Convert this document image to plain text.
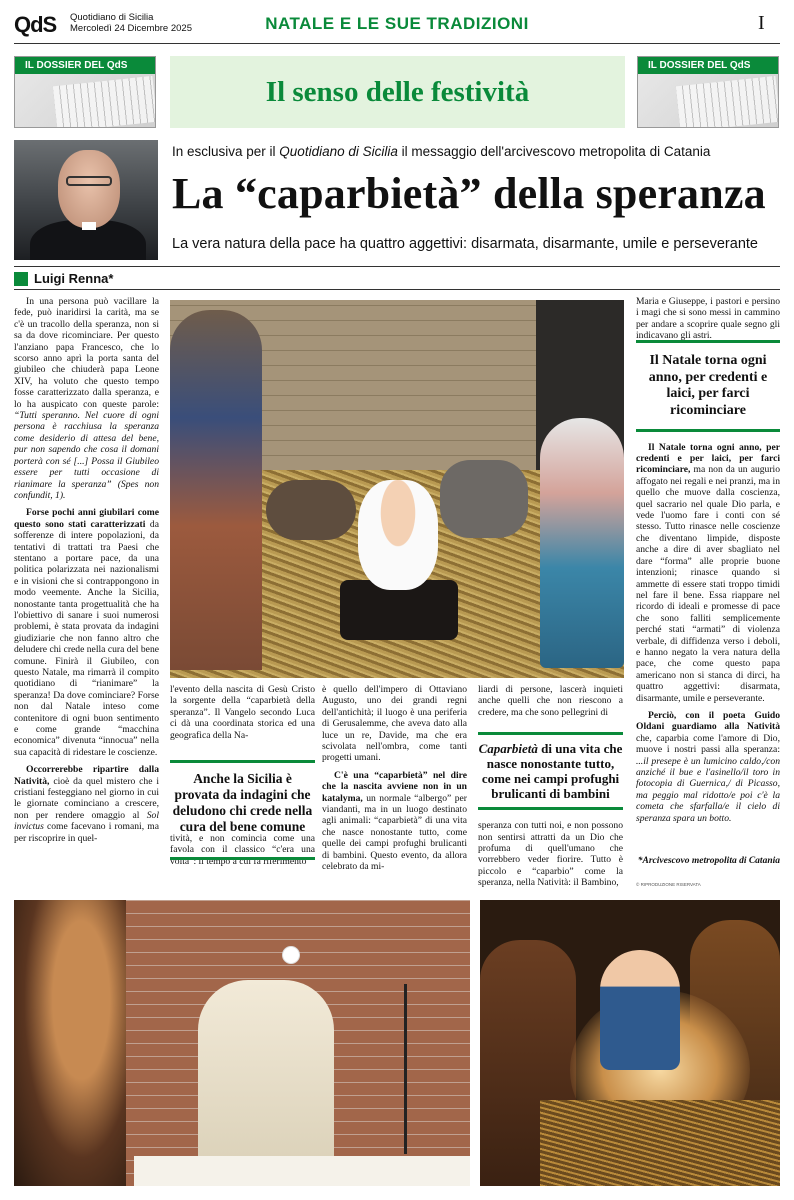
QdS Quotidiano di Sicilia
Mercoledì 24 Dicembre 2025	NATALE E LE SUE TRADIZIONI	I
IL DOSSIER DEL QdS
Il senso delle festività
IL DOSSIER DEL QdS
In esclusiva per il Quotidiano di Sicilia il messaggio dell'arcivescovo metropolita di Catania
La “caparbietà” della speranza
La vera natura della pace ha quattro aggettivi: disarmata, disarmante, umile e perseverante
Luigi Renna*

In una persona può vacillare la fede, può inaridirsi la carità, ma se c'è un tracollo della speranza, non si sa da dove ricominciare. Per questo l'anziano papa Francesco, che lo scorso anno aprì la porta santa del giubileo che chiuderà papa Leone XIV, ha voluto che questo tempo fosse caratterizzato dalla speranza, e lo ha auspicato con queste parole: “Tutti speranno. Nel cuore di ogni persona è racchiusa la speranza come desiderio di attesa del bene, pur non sapendo che cosa il domani porterà con sé [...] Possa il Giubileo essere per tutti occasione di rianimare la speranza” (Spes non confundit, 1).

Forse pochi anni giubilari come questo sono stati caratterizzati da sofferenze di intere popolazioni, da tentativi di trattati tra Paesi che stentano a portare pace, da una politica polarizzata nei nazionalismi e in visioni che si contrappongono in modo veemente. Anche la Sicilia, nonostante tanta progettualità che ha l'obiettivo di sanare i suoi numerosi problemi, è stata provata da indagini giudiziarie che non fanno altro che deludere chi crede nella cura del bene comune. Finirà il Giubileo, con questo Natale, ma rimarrà il compito quotidiano di “rianimare” la speranza! Da dove cominciare? Forse non dal Natale inteso come contenitore di ogni buon sentimento e come grande “macchina economica” divenuta “innocua” nella sua capacità di ridestare le coscienze.

Occorrerebbe ripartire dalla Natività, cioè da quel mistero che i cristiani festeggiano nel giorno in cui le giornate cominciano a crescere, non per rendere omaggio al Sol invictus come facevano i romani, ma per riscoprire in quel-

l'evento della nascita di Gesù Cristo la sorgente della “caparbietà della speranza”. Il Vangelo secondo Luca ci dà una coordinata storica ed una geografica della Na-

tività, e non comincia come una favola con il classico “c'era una volta”: il tempo a cui fa riferimento

Anche la Sicilia è provata da indagini che deludono chi crede nella cura del bene comune

è quello dell'impero di Ottaviano Augusto, uno dei grandi regni dell'antichità; il luogo è una periferia di Gerusalemme, che aveva dato alla luce un re, Davide, ma che era scivolata nell'ombra, come tanti progetti umani.

C'è una “caparbietà” nel dire che la nascita avviene non in un katalyma, un normale “albergo” per viandanti, ma in un luogo destinato agli animali: “caparbietà” di una vita che nasce nonostante tutto, come quelle dei campi profughi brulicanti di bambini. Questo evento, da allora celebrato da mi-

liardi di persone, lascerà inquieti anche quelli che non riescono a credere, ma che sono pellegrini di

speranza con tutti noi, e non possono non sentirsi attratti da un Dio che profuma di quell'umano che vorrebbero veder fiorire. Tutto è piccolo e “caparbio” come la speranza, nella Natività: il Bambino,

Caparbietà di una vita che nasce nonostante tutto, come nei campi profughi brulicanti di bambini

Maria e Giuseppe, i pastori e persino i magi che si sono messi in cammino per andare a scoprire quale segno gli indicavano gli astri.

Il Natale torna ogni anno, per credenti e per laici, per farci ricominciare, ma non da un augurio affogato nei regali e nei pranzi, ma in quello che muove dalla coscienza, quel sacrario nel quale Dio parla, e vede l'uomo fare i conti con sé stesso. Tutto rinasce nelle coscienze che diventano limpide, disposte anche a dire di aver sbagliato nel dare “forma” alle proprie buone intenzioni; rinasce quando si ammette di essere stati troppo timidi nel fare il bene. Essa riappare nel ricordo di ideali e promesse di pace che sono falliti semplicemente perché stati “armati” di violenza verbale, di diffidenza verso i deboli, e hanno negato la vera natura della pace, che come questo papa americano non si stanca di dirci, ha quattro aggettivi: disarmata, disarmante, umile e perseverante.

Perciò, con il poeta Guido Oldani guardiamo alla Natività che, caparbia come l'amore di Dio, muove i nostri passi alla speranza: ...il presepe è un lumicino caldo,/con anziché il bue e l'asinello/il toro in fotocopia di Guernica,/ di Picasso, ma peggio mal ridotto/e poi c'è la cometa che sfarfalla/e il cielo di speranza spara un botto.

Il Natale torna ogni anno, per credenti e laici, per farci ricominciare
*Arcivescovo metropolita di Catania
© RIPRODUZIONE RISERVATA
